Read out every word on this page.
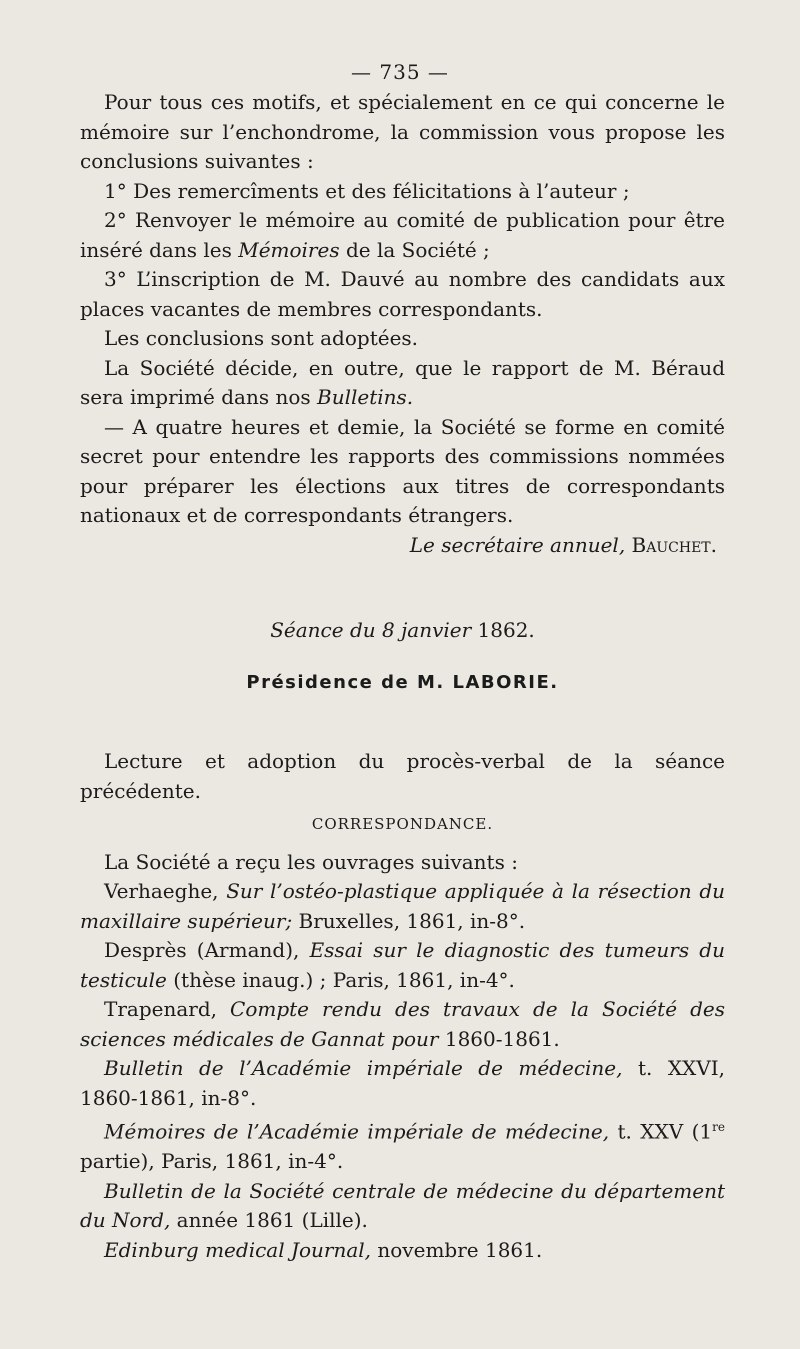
— 735 —

Pour tous ces motifs, et spécialement en ce qui concerne le mémoire sur l’enchondrome, la commission vous propose les conclusions suivantes :

1° Des remercîments et des félicitations à l’auteur ;

2° Renvoyer le mémoire au comité de publication pour être inséré dans les Mémoires de la Société ;

3° L’inscription de M. Dauvé au nombre des candidats aux places vacantes de membres correspondants.

Les conclusions sont adoptées.

La Société décide, en outre, que le rapport de M. Béraud sera imprimé dans nos Bulletins.

— A quatre heures et demie, la Société se forme en comité secret pour entendre les rapports des commissions nommées pour préparer les élections aux titres de correspondants nationaux et de correspondants étrangers.

Le secrétaire annuel, Bauchet.

Séance du 8 janvier 1862.

Présidence de M. LABORIE.

Lecture et adoption du procès-verbal de la séance précédente.

CORRESPONDANCE.

La Société a reçu les ouvrages suivants :

Verhaeghe, Sur l’ostéo-plastique appliquée à la résection du maxillaire supérieur; Bruxelles, 1861, in-8°.

Desprès (Armand), Essai sur le diagnostic des tumeurs du testicule (thèse inaug.) ; Paris, 1861, in-4°.

Trapenard, Compte rendu des travaux de la Société des sciences médicales de Gannat pour 1860-1861.

Bulletin de l’Académie impériale de médecine, t. XXVI, 1860-1861, in-8°.

Mémoires de l’Académie impériale de médecine, t. XXV (1re partie), Paris, 1861, in-4°.

Bulletin de la Société centrale de médecine du département du Nord, année 1861 (Lille).

Edinburg medical Journal, novembre 1861.
